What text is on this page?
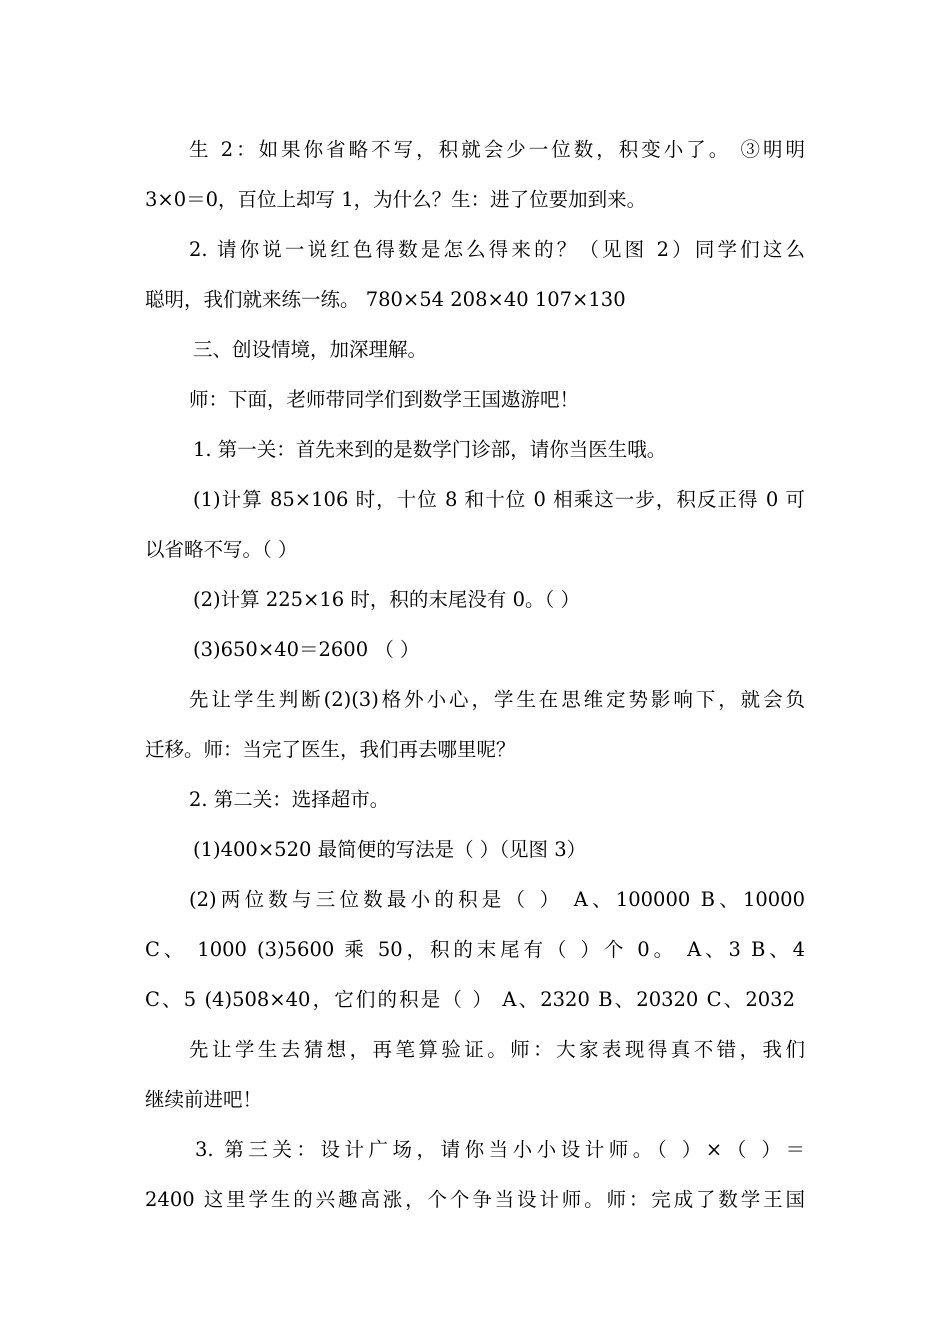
生 2：如果你省略不写，积就会少一位数，积变小了。 ③明明
3×0＝0，百位上却写 1，为什么？生：进了位要加到来。
2. 请你说一说红色得数是怎么得来的？（见图 2）同学们这么
聪明，我们就来练一练。 780×54 208×40 107×130
三、创设情境，加深理解。
师：下面，老师带同学们到数学王国遨游吧！
1. 第一关：首先来到的是数学门诊部，请你当医生哦。
(1)计算 85×106 时，十位 8 和十位 0 相乘这一步，积反正得 0 可
以省略不写。（ ）
(2)计算 225×16 时，积的末尾没有 0。（ ）
(3)650×40＝2600 （ ）
先让学生判断(2)(3)格外小心，学生在思维定势影响下，就会负
迁移。师：当完了医生，我们再去哪里呢？
2. 第二关：选择超市。
(1)400×520 最简便的写法是（ ）（见图 3）
(2)两位数与三位数最小的积是（ ） A、100000 B、10000
C、 1000 (3)5600 乘 50，积的末尾有（ ）个 0。 A、3 B、4
C、5 (4)508×40，它们的积是（ ） A、2320 B、20320 C、2032
先让学生去猜想，再笔算验证。师：大家表现得真不错，我们
继续前进吧！
3. 第三关：设计广场，请你当小小设计师。（ ）×（ ）＝
2400 这里学生的兴趣高涨，个个争当设计师。师：完成了数学王国
